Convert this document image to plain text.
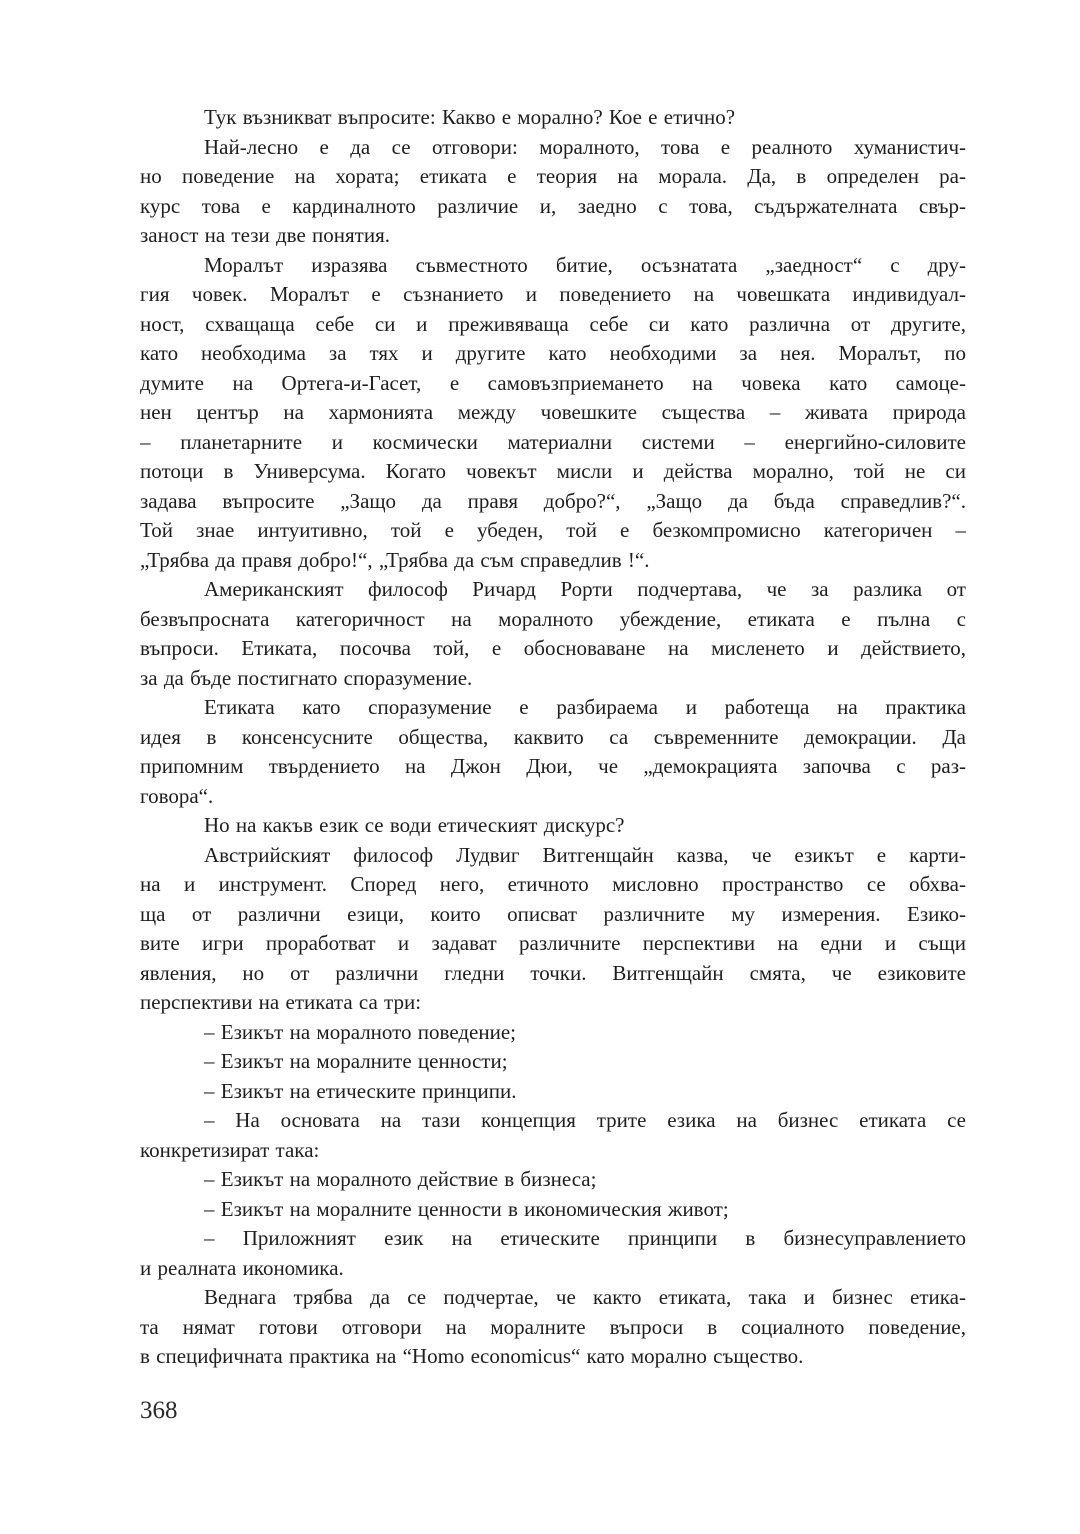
Тук възникват въпросите: Какво е морално? Кое е етично?
Най-лесно е да се отговори: моралното, това е реалното хуманистич-
но поведение на хората; етиката е теория на морала. Да, в определен ра-
курс това е кардиналното различие и, заедно с това, съдържателната свър-
заност на тези две понятия.
Моралът изразява съвместното битие, осъзнатата „заедност“ с дру-
гия човек. Моралът е съзнанието и поведението на човешката индивидуал-
ност, схващаща себе си и преживяваща себе си като различна от другите,
като необходима за тях и другите като необходими за нея. Моралът, по
думите на Ортега-и-Гасет, е самовъзприемането на човека като самоце-
нен център на хармонията между човешките същества – живата природа
– планетарните и космически материални системи – енергийно-силовите
потоци в Универсума. Когато човекът мисли и действа морално, той не си
задава въпросите „Защо да правя добро?“, „Защо да бъда справедлив?“.
Той знае интуитивно, той е убеден, той е безкомпромисно категоричен –
„Трябва да правя добро!“, „Трябва да съм справедлив !“.
Американският философ Ричард Рорти подчертава, че за разлика от
безвъпросната категоричност на моралното убеждение, етиката е пълна с
въпроси. Етиката, посочва той, е обосноваване на мисленето и действието,
за да бъде постигнато споразумение.
Етиката като споразумение е разбираема и работеща на практика
идея в консенсусните общества, каквито са съвременните демокрации. Да
припомним твърдението на Джон Дюи, че „демокрацията започва с раз-
говора“.
Но на какъв език се води етическият дискурс?
Австрийският философ Лудвиг Витгенщайн казва, че езикът е карти-
на и инструмент. Според него, етичното мисловно пространство се обхва-
ща от различни езици, които описват различните му измерения. Езико-
вите игри проработват и задават различните перспективи на едни и същи
явления, но от различни гледни точки. Витгенщайн смята, че езиковите
перспективи на етиката са три:
– Езикът на моралното поведение;
– Езикът на моралните ценности;
– Езикът на етическите принципи.
– На основата на тази концепция трите езика на бизнес етиката се
конкретизират така:
– Езикът на моралното действие в бизнеса;
– Езикът на моралните ценности в икономическия живот;
– Приложният език на етическите принципи в бизнесуправлението
и реалната икономика.
Веднага трябва да се подчертае, че както етиката, така и бизнес етика-
та нямат готови отговори на моралните въпроси в социалното поведение,
в специфичната практика на “Homo economicus“ като морално същество.
368
